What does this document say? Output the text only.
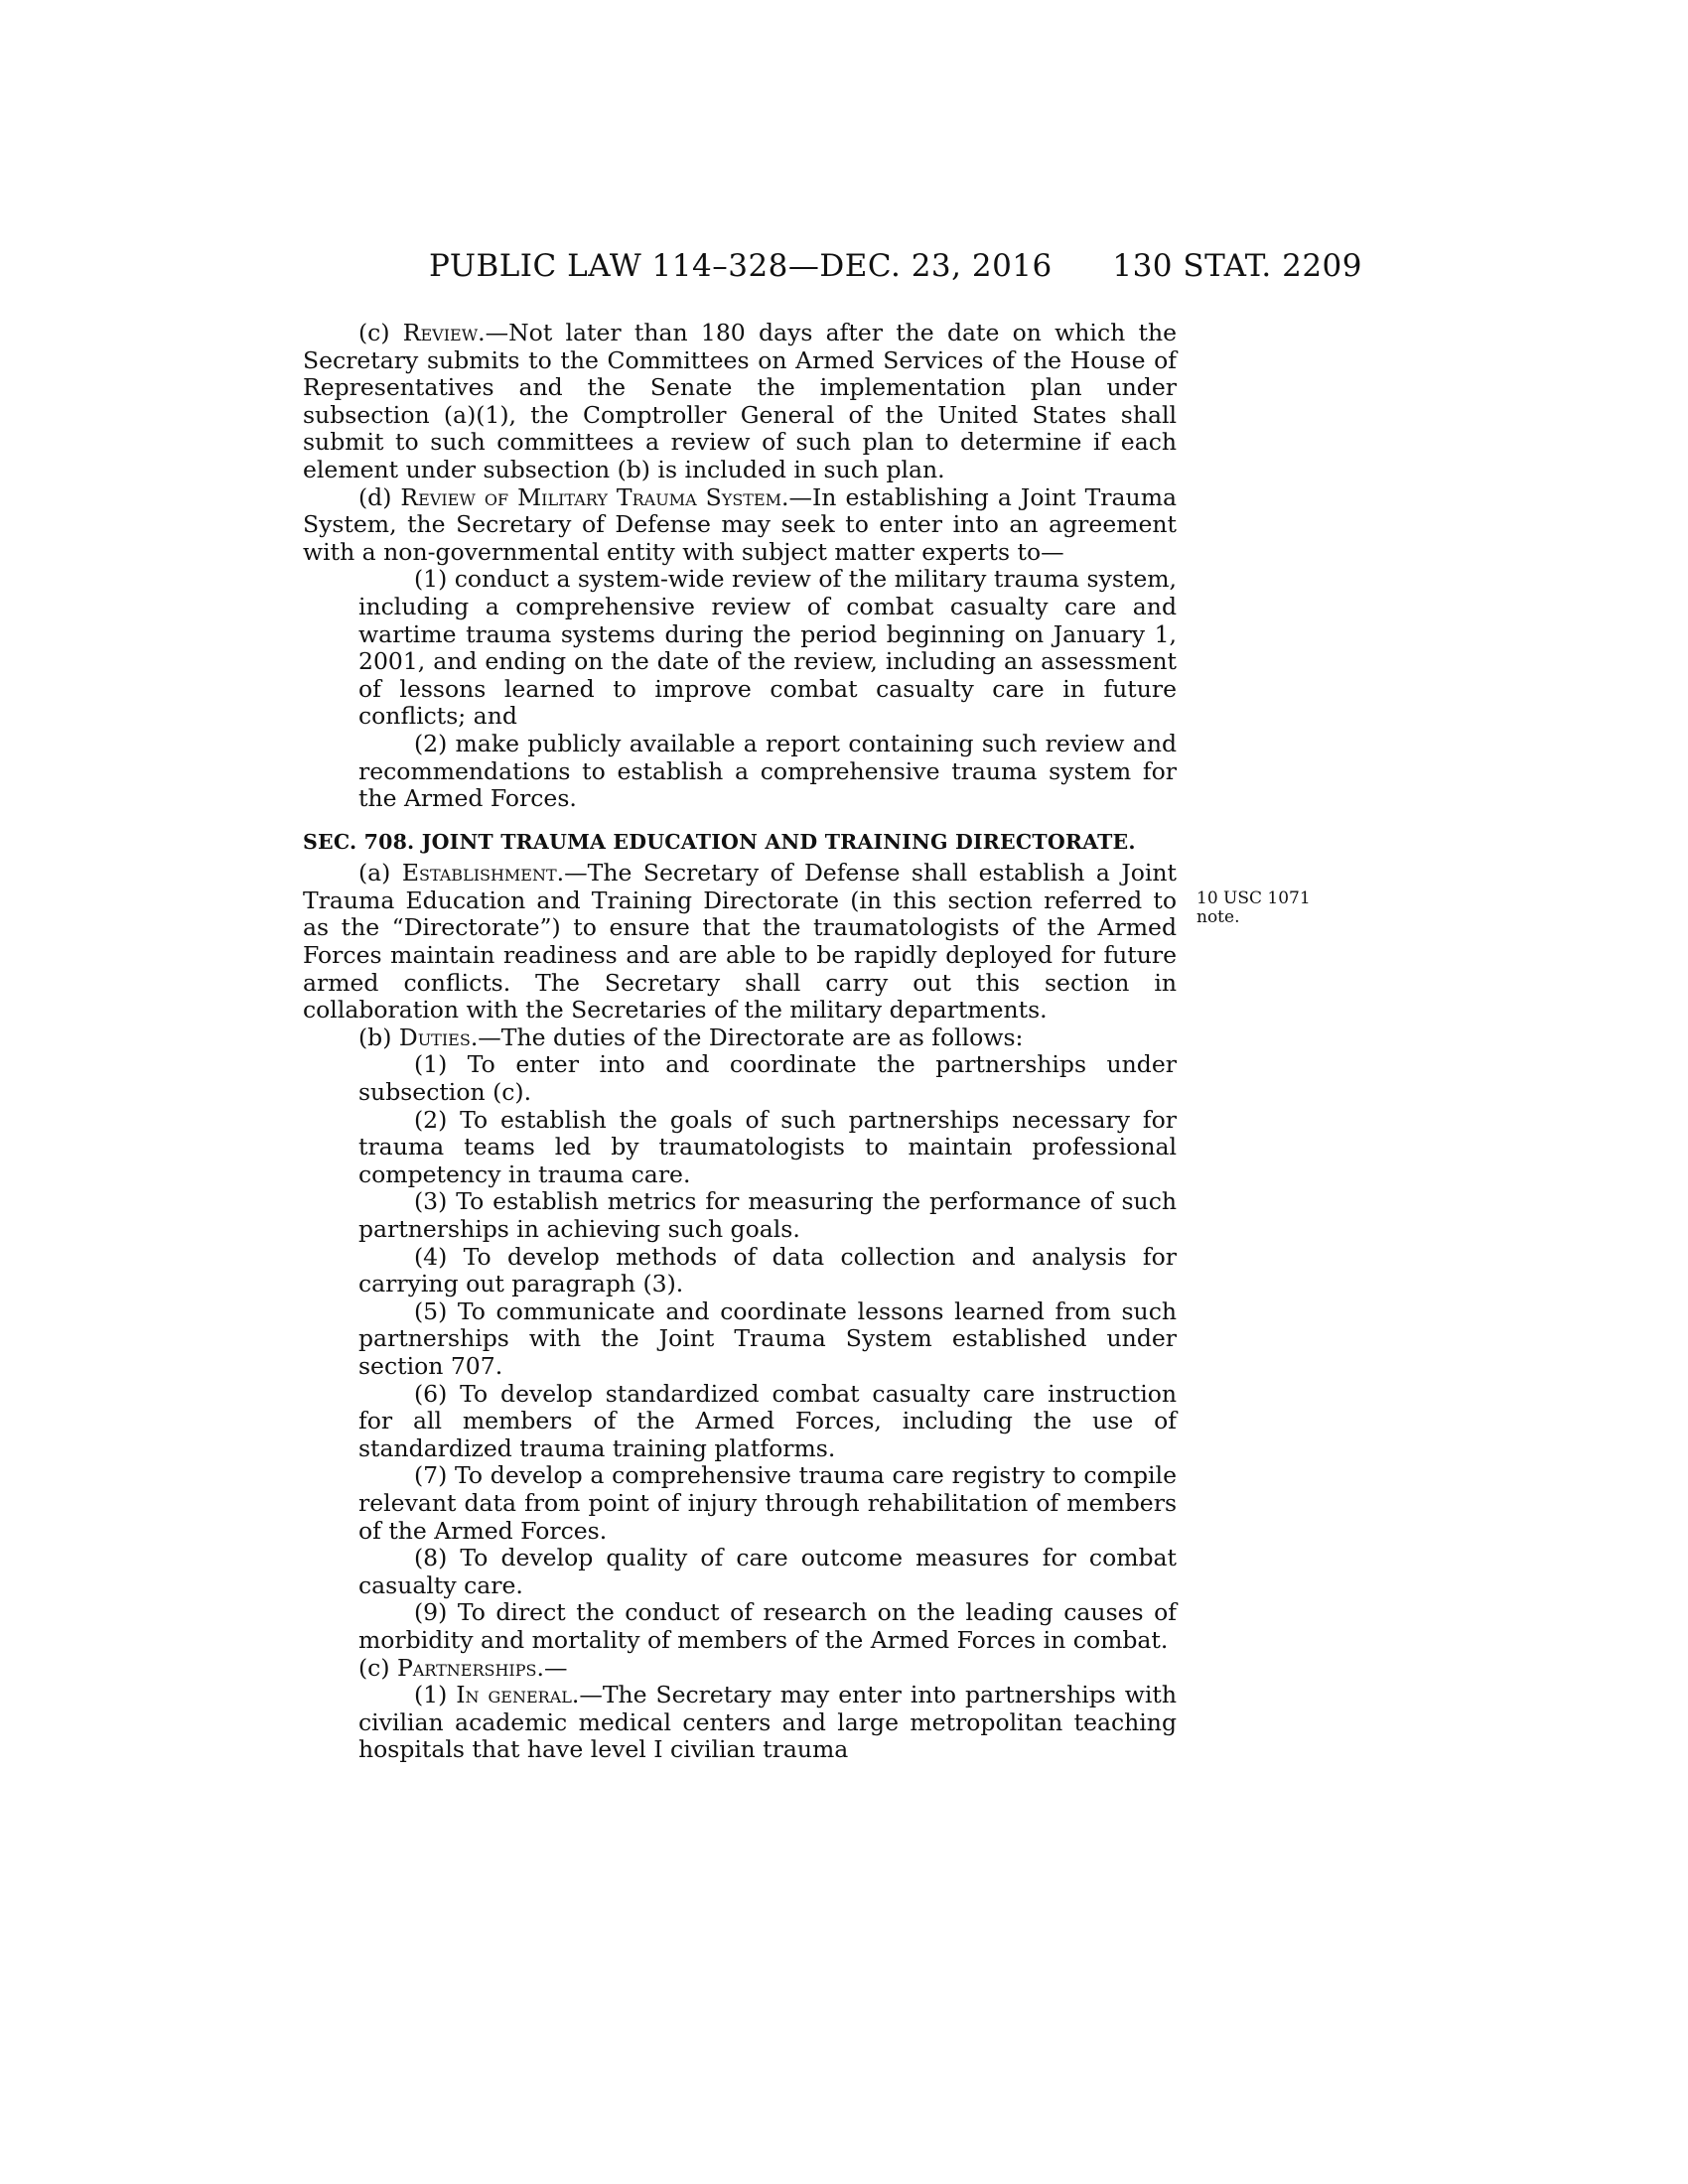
PUBLIC LAW 114–328—DEC. 23, 2016 130 STAT. 2209
10 USC 1071
note.

(c) Review.—Not later than 180 days after the date on which the Secretary submits to the Committees on Armed Services of the House of Representatives and the Senate the implementation plan under subsection (a)(1), the Comptroller General of the United States shall submit to such committees a review of such plan to determine if each element under subsection (b) is included in such plan.

(d) Review of Military Trauma System.—In establishing a Joint Trauma System, the Secretary of Defense may seek to enter into an agreement with a non-governmental entity with subject matter experts to—

(1) conduct a system-wide review of the military trauma system, including a comprehensive review of combat casualty care and wartime trauma systems during the period beginning on January 1, 2001, and ending on the date of the review, including an assessment of lessons learned to improve combat casualty care in future conflicts; and

(2) make publicly available a report containing such review and recommendations to establish a comprehensive trauma system for the Armed Forces.

SEC. 708. JOINT TRAUMA EDUCATION AND TRAINING DIRECTORATE.

(a) Establishment.—The Secretary of Defense shall establish a Joint Trauma Education and Training Directorate (in this section referred to as the “Directorate”) to ensure that the traumatologists of the Armed Forces maintain readiness and are able to be rapidly deployed for future armed conflicts. The Secretary shall carry out this section in collaboration with the Secretaries of the military departments.

(b) Duties.—The duties of the Directorate are as follows:

(1) To enter into and coordinate the partnerships under subsection (c).

(2) To establish the goals of such partnerships necessary for trauma teams led by traumatologists to maintain professional competency in trauma care.

(3) To establish metrics for measuring the performance of such partnerships in achieving such goals.

(4) To develop methods of data collection and analysis for carrying out paragraph (3).

(5) To communicate and coordinate lessons learned from such partnerships with the Joint Trauma System established under section 707.

(6) To develop standardized combat casualty care instruction for all members of the Armed Forces, including the use of standardized trauma training platforms.

(7) To develop a comprehensive trauma care registry to compile relevant data from point of injury through rehabilitation of members of the Armed Forces.

(8) To develop quality of care outcome measures for combat casualty care.

(9) To direct the conduct of research on the leading causes of morbidity and mortality of members of the Armed Forces in combat.

(c) Partnerships.—

(1) In general.—The Secretary may enter into partnerships with civilian academic medical centers and large metropolitan teaching hospitals that have level I civilian trauma
